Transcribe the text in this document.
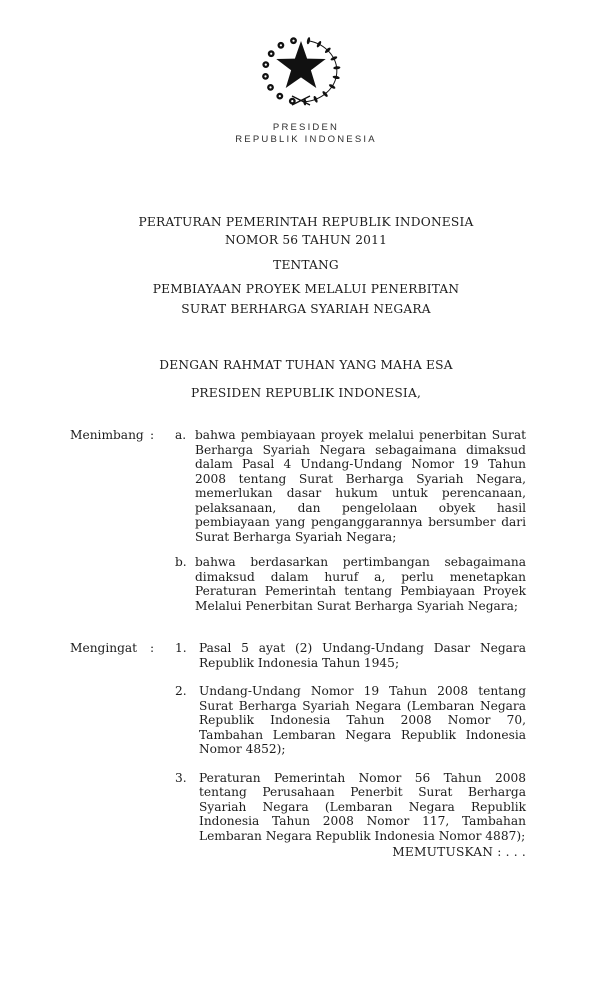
PRESIDEN
REPUBLIK INDONESIA
PERATURAN PEMERINTAH REPUBLIK INDONESIA
NOMOR 56 TAHUN 2011
TENTANG
PEMBIAYAAN PROYEK MELALUI PENERBITAN
SURAT BERHARGA SYARIAH NEGARA
DENGAN RAHMAT TUHAN YANG MAHA ESA
PRESIDEN REPUBLIK INDONESIA,
Menimbang :	a. bahwa pembiayaan proyek melalui penerbitan Surat Berharga Syariah Negara sebagaimana dimaksud dalam Pasal 4 Undang-Undang Nomor 19 Tahun 2008 tentang Surat Berharga Syariah Negara, memerlukan dasar hukum untuk perencanaan, pelaksanaan, dan pengelolaan obyek hasil pembiayaan yang penganggarannya bersumber dari Surat Berharga Syariah Negara;
b. bahwa berdasarkan pertimbangan sebagaimana dimaksud dalam huruf a, perlu menetapkan Peraturan Pemerintah tentang Pembiayaan Proyek Melalui Penerbitan Surat Berharga Syariah Negara;
Mengingat	:	1.	Pasal 5 ayat (2) Undang-Undang Dasar Negara Republik Indonesia Tahun 1945;
2.	Undang-Undang Nomor 19 Tahun 2008 tentang Surat Berharga Syariah Negara (Lembaran Negara Republik Indonesia Tahun 2008 Nomor 70, Tambahan Lembaran Negara Republik Indonesia Nomor 4852);
3.	Peraturan Pemerintah Nomor 56 Tahun 2008 tentang Perusahaan Penerbit Surat Berharga Syariah Negara (Lembaran Negara Republik Indonesia Tahun 2008 Nomor 117, Tambahan Lembaran Negara Republik Indonesia Nomor 4887);
MEMUTUSKAN : . . .
